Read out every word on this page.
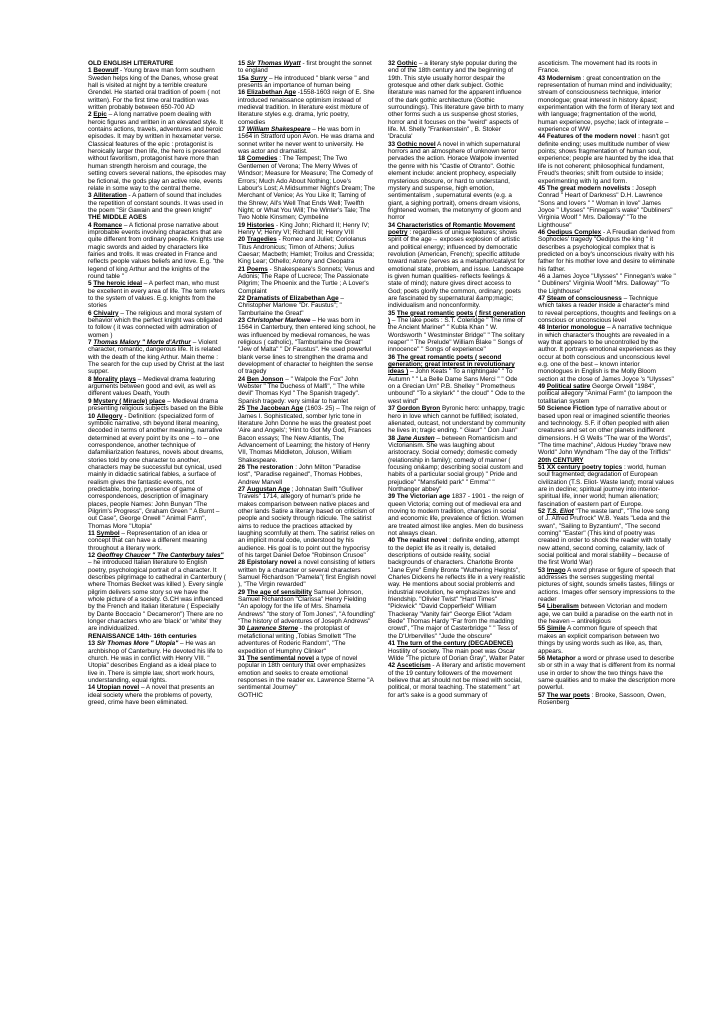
OLD ENGLISH LITERATURE

1 Beowulf - Young brave man form southern Sweden helps king of the Danes, whose great hall is visited at night by a terrible creature Grendel. He started oral tradition of poem ( not written). For the first time oral tradition was written probably between 650-700 AD

2 Epic – A long narrative poem dealing with heroic figures and written in an elevated style. It contains actions, travels, adventures and heroic episodes. It may by written in hexameter verse. Classical features of the epic : protagonist is heroically larger then life, the hero is presented without favoritism, protagonist have more than human strength heroism and courage, the setting covers several nations, the episodes may be fictional, the gods play an active role, events relate in some way to the central theme.

3 Alliteration - A pattern of sound that includes the repetition of constant sounds. It was used in the poem "Sir Gawain and the green knight"

THE MIDDLE AGES

4 Romance – A fictional prose narrative about improbable events involving characters that are quite different from ordinary people. Knights use magic swords and aided by characters like fairies and trolls. It was created in France and reflects people values beliefs and love. E.g. "the legend of king Arthur and the knights of the round table "

5 The heroic ideal – A perfect man, who must be excellent in every area of life. The term refers to the system of values. E.g. knights from the stories

6 Chivalry – The religious and moral system of behavior which the perfect knight was obligated to follow ( it was connected with admiration of women )

7 Thomas Malory " Morte d'Arthur – Violent character, romantic, dangerous life. It is related with the death of the king Arthur. Main theme : The search for the cup used by Christ at the last supper.

8 Morality plays – Medieval drama featuring arguments between good and evil, as well as different values Death, Youth

9 Mystery ( Miracle) place – Medieval drama presenting religious subjects based on the Bible

10 Allegory - Definition: (specialized form of symbolic narrative, sth beyond literal meaning, decoded in terms of another meaning, narrative determined at every point by its one – to – one correspondence, another technique of dafamiliarization features, novels about dreams, stories told by one character to another, characters may be successful but cynical, used mainly in didactic satirical fables, a surface of realism gives the fantastic events, not predictable, boring, presence of game of correspondences, description of imaginary places, people Names: John Bunyan "The Pilgrim's Progress", Graham Green " A Burnt – out Case", George Orwell " Animal Farm", Thomas More "Utopia"

11 Symbol – Representation of an idea or concept that can have a different meaning throughout a literary work.

12 Geoffrey Chaucer " The Canterbury tales" – he introduced Italian literature to English poetry, psychological portrait of a character. It describes pilgrimage to cathedral in Canterbury ( where Thomas Becket was killed ). Every single pilgrim delivers some story so we have the whole picture of a society. G.CH was influenced by the French and Italian literature ( Especially by Dante Boccacio " Decameron") There are no longer characters who are 'black' or 'white' they are individualized.

RENAISSANCE 14th- 16th centuries

13 Sir Thomas More " Utopia" – He was an archbishop of Canterbury. He devoted his life to church. He was in conflict with Henry VIII. " Utopia" describes England as a ideal place to live in. There is simple law, short work hours, understanding, equal rights.

14 Utopian novel – A novel that presents an ideal society where the problems of poverty, greed, crime have been eliminated.

15 Sir Thomas Wyatt - first brought the sonnet to england

15a Surry – He introduced " blank verse " and presents an importance of human being

16 Elizabethan Age -1558-1603 reign of E. She introduced renaissance optimism instead of medieval tradition. In literature exist mixture of literature styles e.g. drama, lyric poetry, comedies

17 William Shakespeare – He was born in 1564 in Stratford upon Avon. He was drama and sonnet writer he never went to university. He was actor and dramatist.

18 Comedies : The Tempest; The Two Gentlemen of Verona; The Merry Wives of Windsor; Measure for Measure; The Comedy of Errors; Much Ado About Nothing; Love's Labour's Lost; A Midsummer Night's Dream; The Merchant of Venice; As You Like It; Taming of the Shrew; All's Well That Ends Well; Twelfth Night; or What You Will; The Winter's Tale; The Two Noble Kinsmen; Cymbeline

19 Histories - King John; Richard II; Henry IV; Henry V; Henry VI; Richard III; Henry VIII

20 Tragedies - Romeo and Juliet; Coriolanus Titus Andronicus; Timon of Athens; Julius Caesar; Macbeth; Hamlet; Troilus and Cressida; King Lear; Othello; Antony and Cleopatra

21 Poems - Shakespeare's Sonnets; Venus and Adonis; The Rape of Lucrece; The Passionate Pilgrim; The Phoenix and the Turtle ; A Lover's Complaint

22 Dramatists of Elizabethan Age – Christopher Marlowe "Dr. Faustus"; " Tamburlaine the Great"

23 Christopher Marlowe – He was born in 1564 in Canterbury, then entered king school, he was influenced by medieval romances, he was religious ( catholic), "Tamburlaine the Great" "Jew of Malta" " Dr Faustus". He used powerful blank verse lines to strengthen the drama and development of character to heighten the sense of tragedy

24 Ben Jonson – " Walpole the Fox" John Webster " The Duchess of Malfi", " The white devil" Thomas Kyd " The Spanish tragedy". Spanish tragedy: very similar to hamlet

25 The Jacobean Age (1603- 25) – The reign of James I. Sophisticated, somber lyric tone in literature John Donne he was the greatest poet 'Aire and Angels'; 'Hint to Got My God, Frances Bacon essays; The New Atlantis, The Advancement of Learning; the history of Henry VII, Thomas Middleton, Joluson, William Shakespeare.

26 The restoration : John Milton "Paradise lost", "Paradise regained", Thomas Hobbes, Andrew Marvell

27 Augustan Age ; Johnatan Swift "Gulliver Travels" 1714, allegory of human's pride he makes comparison between native places and other lands Satire a literary based on criticism of people and society through ridicule. The satirist aims to reduce the practices attacked by laughing scornfully at them. The satirist relies on an implicit moral code, understood by his audience. His goal is to point out the hypocrisy of his target Daniel Defoe "Robinson Crusoe"

28 Epistolary novel a novel consisting of letters written by a character or several characters Samuel Richardson "Pamela"( first English novel ), "The Virgin rewarded"

29 The age of sensibility Samuel Johnson, Samuel Richardson "Clarissa" Henry Fielding "An apology for the life of Mrs. Shamela Andrews" "the story of Tom Jones", "A foundling" "The history of adventures of Joseph Andrews"

30 Lawrence Sterne - the protoplast of metafictional writing ,Tobias Smollett "The adventures of Roderic Random", "The expedition of Humphry Clinker"

31 The sentimental novel a type of novel popular in 18th century that over emphasizes emotion and seeks to create emotional responses in the reader ex. Lawrence Sterne "A sentimental Journey"

GOTHIC

32 Gothic – a literary style popular during the end of the 18th century and the beginning of 19th. This style usually horror despair the grotesque and other dark subject. Gothic literature was named for the apparent influence of the dark gothic architecture (Gothic surroundings). This literature gave birth to many other forms such a us suspense ghost stories, horror and it focuses on the "weird" aspects of life. M. Shelly "Frankenstein" , B. Stoker 'Dracula'

33 Gothic novel A novel in which supernatural horrors and an atmosphere of unknown terror pervades the action. Horace Walpole invented the genre with his "Castle of Otranto". Gothic element include: ancient prophecy, especially mysterious obscure, or hard to understand, mystery and suspense, high emotion, sentimentalism , supernatural events (e.g. a giant, a sighing portrait), omens dream visions, frightened women, the metonymy of gloom and horror

34 Characteristics of Romantic Movement poetry : regardless of unique features; shows spirit of the age→ exposes explosion of artistic and political energy; influenced by democratic revolution (American, French); specific attitude toward nature (serves as a metaphor/catalyst for emotional state, problem, and issue. Landscape is given human qualities- reflects feelings & state of mind); nature gives direct access to God; poets glorify the common, ordinary; poets are fascinated by supernatural &amp;magic; individualism and nonconformity.

35 The great romantic poets ( first generation ) – The lake poets : S.T. Coleridge " The rime of the Ancient Mariner" " Kubla Khan " W. Wordsworth " Westminster Bridge" " The solitary reaper" " The Prelude" William Blake " Songs of innocence" " Songs of experience"

36 The great romantic poets ( second generation; great interest in revolutionary ideas ) – John Keats " To a nightingale" " To Autumn " " La Belle Dame Sans Merci " " Ode on a Grecian Urn" P.B. Shelley " Prometheus unbound" "To a skylark" " the cloud" " Ode to the west wind"

37 Gordon Byron Byronic hero: unhappy, tragic hero in love which cannot be fulfilled; isolated, alienated, outcast, not understand by community he lives in; tragic ending. " Giaur" " Don Juan"

38 Jane Austen – between Romanticism and Victorianism. She was laughing about aristocracy. Social comedy; domestic comedy (relationship in family); comedy of manner ( focusing on&amp; describing social custom and habits of a particular social group) " Pride and prejudice" "Mansfield park" " Emma" " Northanger abbey"

39 The Victorian age 1837 - 1901 - the reign of queen Victoria; coming out of medieval era and moving to modern tradition, changes in social and economic life, prevalence of fiction. Women are treated almost like angles. Men do business not always clean.

40 The realist novel : definite ending, attempt to the depict life as it really is, detailed descriptions of outside reality, social backgrounds of characters. Charlotte Bronte "Jane Eyre" Emily Bronte "Wuthering Heights", Charles Dickens he reflects life in a very realistic way. He mentions about social problems and industrial revolution, he emphasizes love and friendship. "Olivier Twist" "Hard Times" "Pickwick" "David Copperfield" William Thackeray "Vanity fair" George Elliot "Adam Bede" Thomas Hardy "Far from the madding crowd", "The major of Casterbridge " " Tess of the D'Urbervilles" "Jude the obscure"

41 The turn of the century (DECADENCE) Hostility of society. The main poet was Oscar Wilde "The picture of Dorian Gray", Walter Pater

42 Asceticism - A literary and artistic movement of the 19 century followers of the movement believe that art should not be mixed with social, political, or moral teaching. The statement " art for art's sake is a good summary of

asceticism. The movement had its roots in France.

43 Modernism : great concentration on the representation of human mind and individuality; stream of consciousness technique, interior monologue; great interest in history &past; experimentation with the form of literary text and with language; fragmentation of the world, human experience, psyche; lack of integrate – experience of WW

44 Features of the modern novel : hasn't got definite ending; uses multitude number of view points; shows fragmentation of human soul, experience; people are haunted by the idea that life is not coherent; philosophical fundament, Freud's theories; shift from outside to inside; experimenting with Ig and form.

45 The great modern novelists : Joseph Conrad " Heart of Darkness" D.H. Lawrence "Sons and lovers " " Woman in love" James Joyce " Ulysses" "Finnegan's wake" "Dubliners" Virginia Woolf " Mrs. Dalloway" "To the Lighthouse"

46 Oedipus Complex - A Freudian derived from Sophocles' tragedy "Oedipus the king " it describes a psychological complex that is predicted on a boy's unconscious rivalry with his father for his mother love and desire to eliminate his father.

46 a James Joyce "Ulysses" " Finnegan's wake " " Dubliners" Virginia Woolf "Mrs. Dalloway" "To the Lighthouse"

47 Steam of consciousness – Technique which takes a reader inside a character's mind to reveal perceptions, thoughts and feelings on a conscious or unconscious level

48 Interior monologue – A narrative technique in which character's thoughts are revealed in a way that appears to be uncontrolled by the author. It portrays emotional experiences as they occur at both conscious and unconscious level e.g. one of the best – known interior monologues in English is the Molly Bloom section at the close of James Joyce 's "Ulysses"

49 Political satire George Orwell "1984", political allegory "Animal Farm" (to lampoon the totalitarian system

50 Science Fiction type of narrative about or based upon real or imagined scientific theories and technology. S.F. if often peopled with alien creatures and set on other planets indifferent dimensions. H G Wells "The war of the Words", "The time machine", Aldous Huxley "brave new World" John Wyndham "The day of the Triffids"

20th CENTURY

51 XX century poetry topics : world, human soul fragmented; degradation of European civilization (T.S. Eliot- Waste land); moral values are in decline; spiritual journey into interior- spiritual life, inner world; human alienation; fascination of eastern part of Europe.

52 T.S. Eliot "The waste land", "The love song of J. Alfred Prufrock" W.B. Yeats "Leda and the swan", "Sailing to Byzantium", "The second coming" "Easter" (This kind of poetry was created in order to shock the reader with totally new attend, second coming, calamity, lack of social political and moral stability – because of the first World War)

53 Imago A word phrase or figure of speech that addresses the senses suggesting mental pictures of sight, sounds smells tastes, fillings or actions. Images offer sensory impressions to the reader

54 Liberalism between Victorian and modern age, we can build a paradise on the earth not in the heaven – antireligious

55 Simile A common figure of speech that makes an explicit comparison between two things by using words such as like, as, than, appears.

56 Metaphor a word or phrase used to describe sb or sth in a way that is different from its normal use in order to show the two things have the same qualities and to make the description more powerful.

57 The war poets : Brooke, Sassoon, Owen, Rosenberg
